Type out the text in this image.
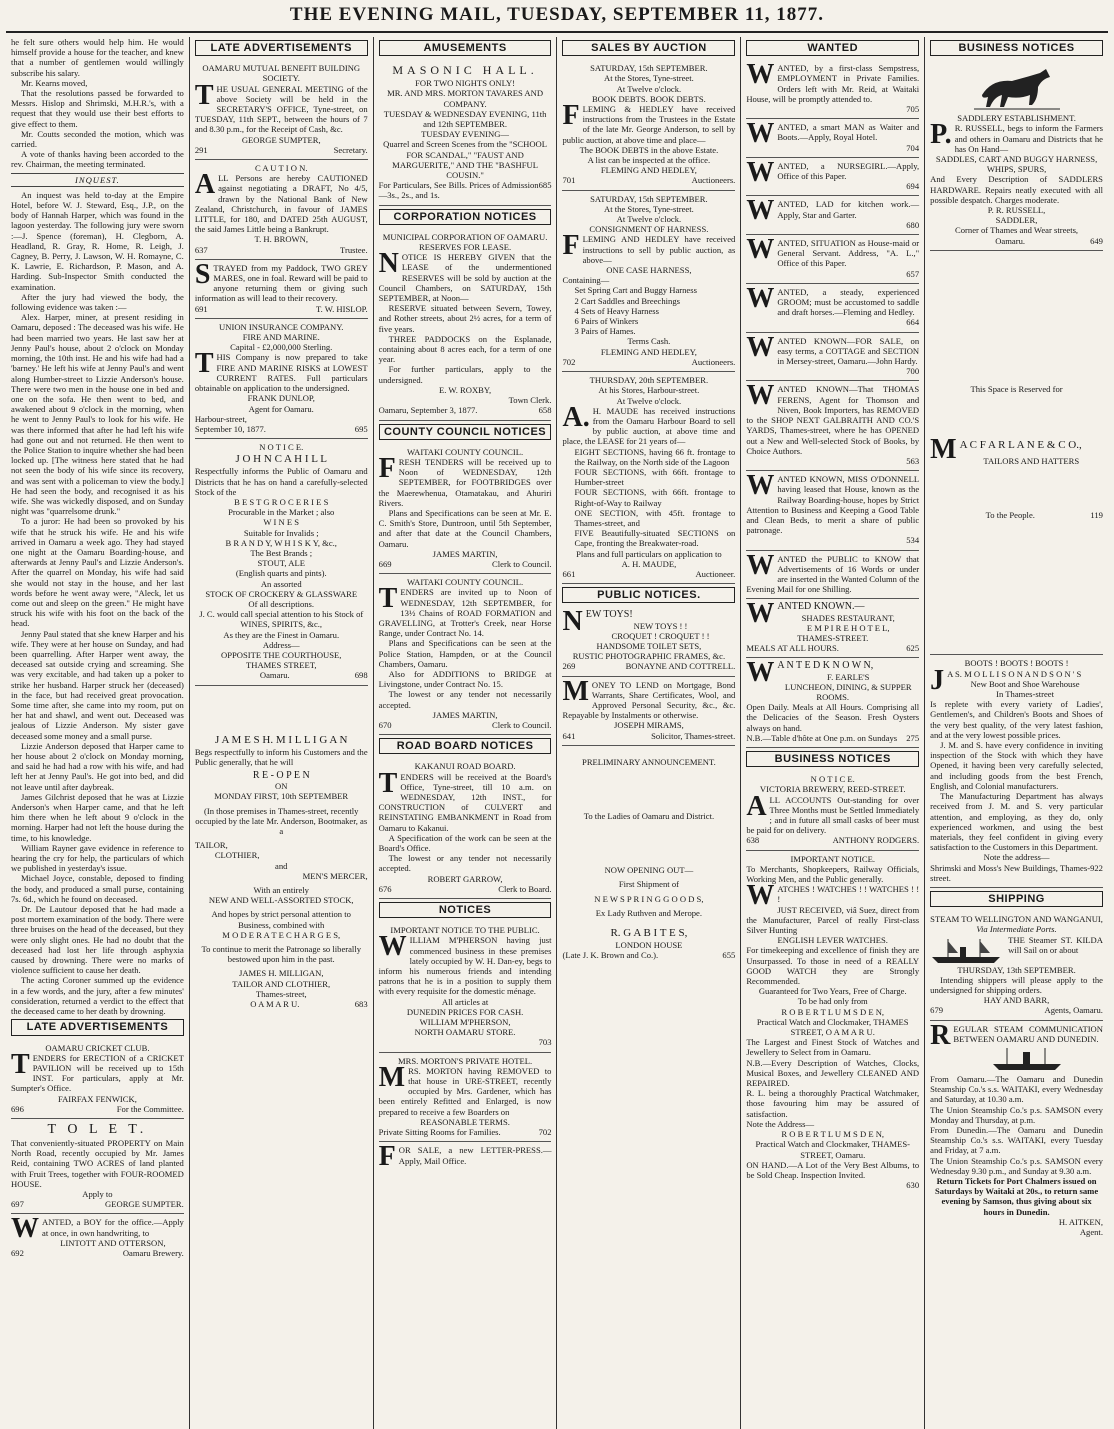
THE EVENING MAIL, TUESDAY, SEPTEMBER 11, 1877.

he felt sure others would help him. He would himself provide a house for the teacher, and knew that a number of gentlemen would willingly subscribe his salary.

Mr. Kearns moved,

That the resolutions passed be forwarded to Messrs. Hislop and Shrimski, M.H.R.'s, with a request that they would use their best efforts to give effect to them.

Mr. Coutts seconded the motion, which was carried.

A vote of thanks having been accorded to the rev. Chairman, the meeting terminated.

INQUEST.

An inquest was held to-day at the Empire Hotel, before W. J. Steward, Esq., J.P., on the body of Hannah Harper, which was found in the lagoon yesterday. The following jury were sworn :—J. Spence (foreman), H. Clegborn, A. Headland, R. Gray, R. Home, R. Leigh, J. Cagney, B. Perry, J. Lawson, W. H. Romayne, C. K. Lawrie, E. Richardson, P. Mason, and A. Harding. Sub-Inspector Smith conducted the examination.

After the jury had viewed the body, the following evidence was taken :—

Alex. Harper, miner, at present residing in Oamaru, deposed : The deceased was his wife. He had been married two years. He last saw her at Jenny Paul's house, about 2 o'clock on Monday morning, the 10th inst. He and his wife had had a 'barney.' He left his wife at Jenny Paul's and went along Humber-street to Lizzie Anderson's house. There were two men in the house one in bed and one on the sofa. He then went to bed, and awakened about 9 o'clock in the morning, when he went to Jenny Paul's to look for his wife. He was there informed that after he had left his wife had gone out and not returned. He then went to the Police Station to inquire whether she had been locked up. [The witness here stated that he had not seen the body of his wife since its recovery, and was sent with a policeman to view the body.] He had seen the body, and recognised it as his wife. She was wickedly disposed, and on Sunday night was "quarrelsome drunk."

To a juror: He had been so provoked by his wife that he struck his wife. He and his wife arrived in Oamaru a week ago. They had stayed one night at the Oamaru Boarding-house, and afterwards at Jenny Paul's and Lizzie Anderson's. After the quarrel on Monday, his wife had said she would not stay in the house, and her last words before he went away were, "Aleck, let us come out and sleep on the green." He might have struck his wife with his foot on the back of the head.

Jenny Paul stated that she knew Harper and his wife. They were at her house on Sunday, and had been quarrelling. After Harper went away, the deceased sat outside crying and screaming. She was very excitable, and had taken up a poker to strike her husband. Harper struck her (deceased) in the face, but had received great provocation. Some time after, she came into my room, put on her hat and shawl, and went out. Deceased was jealous of Lizzie Anderson. My sister gave deceased some money and a small purse.

Lizzie Anderson deposed that Harper came to her house about 2 o'clock on Monday morning, and said he had had a row with his wife, and had left her at Jenny Paul's. He got into bed, and did not leave until after daybreak.

James Gilchrist deposed that he was at Lizzie Anderson's when Harper came, and that he left him there when he left about 9 o'clock in the morning. Harper had not left the house during the time, to his knowledge.

William Rayner gave evidence in reference to hearing the cry for help, the particulars of which we published in yesterday's issue.

Michael Joyce, constable, deposed to finding the body, and produced a small purse, containing 7s. 6d., which he found on deceased.

Dr. De Lautour deposed that he had made a post mortem examination of the body. There were three bruises on the head of the deceased, but they were only slight ones. He had no doubt that the deceased had lost her life through asphyxia caused by drowning. There were no marks of violence sufficient to cause her death.

The acting Coroner summed up the evidence in a few words, and the jury, after a few minutes' consideration, returned a verdict to the effect that the deceased came to her death by drowning.

LATE ADVERTISEMENTS

OAMARU CRICKET CLUB.

TENDERS for ERECTION of a CRICKET PAVILION will be received up to 15th INST. For particulars, apply at Mr. Sumpter's Office.

FAIRFAX FENWICK,

696	For the Committee.

T O L E T.

That conveniently-situated PROPERTY on Main North Road, recently occupied by Mr. James Reid, containing TWO ACRES of land planted with Fruit Trees, together with FOUR-ROOMED HOUSE.

Apply to

697	GEORGE SUMPTER.

WANTED, a BOY for the office.—Apply at once, in own handwriting, to

LINTOTT AND OTTERSON,

692	Oamaru Brewery.
LATE ADVERTISEMENTS

OAMARU MUTUAL BENEFIT BUILDING SOCIETY.

THE USUAL GENERAL MEETING of the above Society will be held in the SECRETARY'S OFFICE, Tyne-street, on TUESDAY, 11th SEPT., between the hours of 7 and 8.30 p.m., for the Receipt of Cash, &c.

GEORGE SUMPTER,

291	Secretary.

C A U T I O N.

ALL Persons are hereby CAUTIONED against negotiating a DRAFT, No 4/5, drawn by the National Bank of New Zealand, Christchurch, in favour of JAMES LITTLE, for 180, and DATED 25th AUGUST, the said James Little being a Bankrupt.

T. H. BROWN,

637	Trustee.

STRAYED from my Paddock, TWO GREY MARES, one in foal. Reward will be paid to anyone returning them or giving such information as will lead to their recovery.

691	T. W. HISLOP.

UNION INSURANCE COMPANY.

FIRE AND MARINE.

Capital - £2,000,000 Sterling.

THIS Company is now prepared to take FIRE AND MARINE RISKS at LOWEST CURRENT RATES. Full particulars obtainable on application to the undersigned.

FRANK DUNLOP,

Agent for Oamaru.

Harbour-street,

September 10, 1877.	695

N O T I C E.

J O H N C A H I L L

Respectfully informs the Public of Oamaru and Districts that he has on hand a carefully-selected Stock of the

B E S T G R O C E R I E S

Procurable in the Market ; also

W I N E S

Suitable for Invalids ;

B R A N D Y, W H I S K Y, &c.,

The Best Brands ;

STOUT, ALE

(English quarts and pints).

An assorted

STOCK OF CROCKERY & GLASSWARE

Of all descriptions.

J. C. would call special attention to his Stock of

WINES, SPIRITS, &c.,

As they are the Finest in Oamaru.

Address—

OPPOSITE THE COURTHOUSE,

THAMES STREET,

Oamaru.	698

J A M E S H. M I L L I G A N

Begs respectfully to inform his Customers and the Public generally, that he will

R E - O P E N

ON

MONDAY FIRST, 10th SEPTEMBER

(In those premises in Thames-street, recently occupied by the late Mr. Anderson, Bootmaker, as a

TAILOR,

CLOTHIER,

and

MEN'S MERCER,

With an entirely

NEW AND WELL-ASSORTED STOCK,

And hopes by strict personal attention to Business, combined with

M O D E R A T E C H A R G E S,

To continue to merit the Patronage so liberally bestowed upon him in the past.

JAMES H. MILLIGAN,

TAILOR AND CLOTHIER,

Thames-street,

O A M A R U.	683
AMUSEMENTS

MASONIC HALL.

FOR TWO NIGHTS ONLY!

MR. AND MRS. MORTON TAVARES AND COMPANY.

TUESDAY & WEDNESDAY EVENING, 11th and 12th SEPTEMBER.

TUESDAY EVENING—

Quarrel and Screen Scenes from the "SCHOOL FOR SCANDAL," "FAUST AND MARGUERITE," AND THE "BASHFUL COUSIN."

For Particulars, See Bills. Prices of Admission—3s., 2s., and 1s.
685
CORPORATION NOTICES

MUNICIPAL CORPORATION OF OAMARU.

RESERVES FOR LEASE.

NOTICE IS HEREBY GIVEN that the LEASE of the undermentioned RESERVES will be sold by auction at the Council Chambers, on SATURDAY, 15th SEPTEMBER, at Noon—

RESERVE situated between Severn, Towey, and Rother streets, about 2½ acres, for a term of five years.

THREE PADDOCKS on the Esplanade, containing about 8 acres each, for a term of one year.

For further particulars, apply to the undersigned.

E. W. ROXBY,

Town Clerk.

Oamaru, September 3, 1877.	658
COUNTY COUNCIL NOTICES

WAITAKI COUNTY COUNCIL.

FRESH TENDERS will be received up to Noon of WEDNESDAY, 12th SEPTEMBER, for FOOTBRIDGES over the Maerewhenua, Otamatakau, and Ahuriri Rivers.

Plans and Specifications can be seen at Mr. E. C. Smith's Store, Duntroon, until 5th September, and after that date at the Council Chambers, Oamaru.

JAMES MARTIN,

669	Clerk to Council.

WAITAKI COUNTY COUNCIL.

TENDERS are invited up to Noon of WEDNESDAY, 12th SEPTEMBER, for 13½ Chains of ROAD FORMATION and GRAVELLING, at Trotter's Creek, near Horse Range, under Contract No. 14.

Plans and Specifications can be seen at the Police Station, Hampden, or at the Council Chambers, Oamaru.

Also for ADDITIONS to BRIDGE at Livingstone, under Contract No. 15.

The lowest or any tender not necessarily accepted.

JAMES MARTIN,

670	Clerk to Council.
ROAD BOARD NOTICES

KAKANUI ROAD BOARD.

TENDERS will be received at the Board's Office, Tyne-street, till 10 a.m. on WEDNESDAY, 12th INST., for CONSTRUCTION of CULVERT and REINSTATING EMBANKMENT in Road from Oamaru to Kakanui.

A Specification of the work can be seen at the Board's Office.

The lowest or any tender not necessarily accepted.

ROBERT GARROW,

676	Clerk to Board.
NOTICES

IMPORTANT NOTICE TO THE PUBLIC.

WILLIAM M'PHERSON having just commenced business in these premises lately occupied by W. H. Dan-ey, begs to inform his numerous friends and intending patrons that he is in a position to supply them with every requisite for the domestic ménage.

All articles at

DUNEDIN PRICES FOR CASH.

WILLIAM M'PHERSON,

NORTH OAMARU STORE.

703

MRS. MORTON'S PRIVATE HOTEL.

MRS. MORTON having REMOVED to that house in URE-STREET, recently occupied by Mrs. Gardener, which has been entirely Refitted and Enlarged, is now prepared to receive a few Boarders on

REASONABLE TERMS.

Private Sitting Rooms for Families.	702

FOR SALE, a new LETTER-PRESS.—Apply, Mail Office.

SALES BY AUCTION

SATURDAY, 15th SEPTEMBER.

At the Stores, Tyne-street.

At Twelve o'clock.

BOOK DEBTS. BOOK DEBTS.

FLEMING & HEDLEY have received instructions from the Trustees in the Estate of the late Mr. George Anderson, to sell by public auction, at above time and place—

The BOOK DEBTS in the above Estate.

A list can be inspected at the office.

FLEMING AND HEDLEY,

701	Auctioneers.

SATURDAY, 15th SEPTEMBER.

At the Stores, Tyne-street.

At Twelve o'clock.

CONSIGNMENT OF HARNESS.

FLEMING AND HEDLEY have received instructions to sell by public auction, as above—

ONE CASE HARNESS,

Containing—

Set Spring Cart and Buggy Harness

2 Cart Saddles and Breechings

4 Sets of Heavy Harness

6 Pairs of Winkers

3 Pairs of Hames.

Terms Cash.

FLEMING AND HEDLEY,

702	Auctioneers.

THURSDAY, 20th SEPTEMBER.

At his Stores, Harbour-street.

At Twelve o'clock.

A.H. MAUDE has received instructions from the Oamaru Harbour Board to sell by public auction, at above time and place, the LEASE for 21 years of—

EIGHT SECTIONS, having 66 ft. frontage to the Railway, on the North side of the Lagoon

FOUR SECTIONS, with 66ft. frontage to Humber-street

FOUR SECTIONS, with 66ft. frontage to Right-of-Way to Railway

ONE SECTION, with 45ft. frontage to Thames-street, and

FIVE Beautifully-situated SECTIONS on Cape, fronting the Breakwater-road.

Plans and full particulars on application to

A. H. MAUDE,

661	Auctioneer.
PUBLIC NOTICES.

NEW TOYS!

NEW TOYS ! !

CROQUET ! CROQUET ! !

HANDSOME TOILET SETS,

RUSTIC PHOTOGRAPHIC FRAMES, &c.

269	BONAYNE AND COTTRELL.

MONEY TO LEND on Mortgage, Bond Warrants, Share Certificates, Wool, and Approved Personal Security, &c., &c. Repayable by Instalments or otherwise.

JOSEPH MIRAMS,

641	Solicitor, Thames-street.

PRELIMINARY ANNOUNCEMENT.

To the Ladies of Oamaru and District.

NOW OPENING OUT—

First Shipment of

N E W S P R I N G G O O D S,

Ex Lady Ruthven and Merope.

R. G A B I T E S,

LONDON HOUSE

(Late J. K. Brown and Co.).	655
WANTED

WANTED, by a first-class Sempstress, EMPLOYMENT in Private Families. Orders left with Mr. Reid, at Waitaki House, will be promptly attended to.

705

WANTED, a smart MAN as Waiter and Boots.—Apply, Royal Hotel.

704

WANTED, a NURSEGIRL.—Apply, Office of this Paper.

694

WANTED, LAD for kitchen work.—Apply, Star and Garter.

680

WANTED, SITUATION as House-maid or General Servant. Address, "A. L.," Office of this Paper.

657

WANTED, a steady, experienced GROOM; must be accustomed to saddle and draft horses.—Fleming and Hedley.

664

WANTED KNOWN—FOR SALE, on easy terms, a COTTAGE and SECTION in Mersey-street, Oamaru.—John Hardy.

700

WANTED KNOWN—That THOMAS FERENS, Agent for Thomson and Niven, Book Importers, has REMOVED to the SHOP NEXT GALBRAITH AND CO.'S YARDS, Thames-street, where he has OPENED out a New and Well-selected Stock of Books, by Choice Authors.

563

WANTED KNOWN, MISS O'DONNELL having leased that House, known as the Railway Boarding-house, hopes by Strict Attention to Business and Keeping a Good Table and Clean Beds, to merit a share of public patronage.

534

WANTED the PUBLIC to KNOW that Advertisements of 16 Words or under are inserted in the Wanted Column of the Evening Mail for one Shilling.

WANTED KNOWN.—

SHADES RESTAURANT,

E M P I R E H O T E L,

THAMES-STREET.

MEALS AT ALL HOURS.	625

WA N T E D K N O W N,

F. EARLE'S

LUNCHEON, DINING, & SUPPER ROOMS.

Open Daily. Meals at All Hours. Comprising all the Delicacies of the Season. Fresh Oysters always on hand.

N.B.—Table d'hôte at One p.m. on Sundays 275
BUSINESS NOTICES

N O T I C E.

VICTORIA BREWERY, REED-STREET.

ALL ACCOUNTS Out-standing for over Three Months must be Settled Immediately ; and in future all small casks of beer must be paid for on delivery.

638	ANTHONY RODGERS.

IMPORTANT NOTICE.

To Merchants, Shopkeepers, Railway Officials, Working Men, and the Public generally.

WATCHES ! WATCHES ! ! WATCHES ! ! !

JUST RECEIVED, viâ Suez, direct from the Manufacturer, Parcel of really First-class Silver Hunting

ENGLISH LEVER WATCHES.

For timekeeping and excellence of finish they are Unsurpassed. To those in need of a REALLY GOOD WATCH they are Strongly Recommended.

Guaranteed for Two Years, Free of Charge.

To be had only from

R O B E R T L U M S D E N,

Practical Watch and Clockmaker, THAMES STREET, O A M A R U.

The Largest and Finest Stock of Watches and Jewellery to Select from in Oamaru.

N.B.—Every Description of Watches, Clocks, Musical Boxes, and Jewellery CLEANED AND REPAIRED.

R. L. being a thoroughly Practical Watchmaker, those favouring him may be assured of satisfaction.

Note the Address—

R O B E R T L U M S D E N,

Practical Watch and Clockmaker, THAMES-STREET, Oamaru.

ON HAND.—A Lot of the Very Best Albums, to be Sold Cheap. Inspection Invited.

630

BUSINESS NOTICES

SADDLERY ESTABLISHMENT.

P.R. RUSSELL, begs to inform the Farmers and others in Oamaru and Districts that he has On Hand—

SADDLES, CART AND BUGGY HARNESS, WHIPS, SPURS,

And Every Description of SADDLERS HARDWARE. Repairs neatly executed with all possible despatch. Charges moderate.

P. R. RUSSELL,

SADDLER,

Corner of Thames and Wear streets,

Oamaru.	649

This Space is Reserved for

MA C F A R L A N E & C O.,

TAILORS AND HATTERS

To the People.	119

BOOTS ! BOOTS ! BOOTS !

JA S. M O L L I S O N A N D S O N ' S

New Boot and Shoe Warehouse

In Thames-street

Is replete with every variety of Ladies', Gentlemen's, and Children's Boots and Shoes of the very best quality, of the very latest fashion, and at the very lowest possible prices.

J. M. and S. have every confidence in inviting inspection of the Stock with which they have Opened, it having been very carefully selected, and including goods from the best French, English, and Colonial manufacturers.

The Manufacturing Department has always received from J. M. and S. very particular attention, and employing, as they do, only experienced workmen, and using the best materials, they feel confident in giving every satisfaction to the Customers in this Department.

Note the address—

Shrimski and Moss's New Buildings, Thames-street.
922
SHIPPING

STEAM TO WELLINGTON AND WANGANUI,

Via Intermediate Ports.

THE Steamer ST. KILDA will Sail on or about

THURSDAY, 13th SEPTEMBER.

Intending shippers will please apply to the undersigned for shipping orders.

HAY AND BARR,

679	Agents, Oamaru.

REGULAR STEAM COMMUNICATION BETWEEN OAMARU AND DUNEDIN.

From Oamaru.—The Oamaru and Dunedin Steamship Co.'s s.s. WAITAKI, every Wednesday and Saturday, at 10.30 a.m.

The Union Steamship Co.'s p.s. SAMSON every Monday and Thursday, at p.m.

From Dunedin.—The Oamaru and Dunedin Steamship Co.'s s.s. WAITAKI, every Tuesday and Friday, at 7 a.m.

The Union Steamship Co.'s p.s. SAMSON every Wednesday 9.30 p.m., and Sunday at 9.30 a.m.

Return Tickets for Port Chalmers issued on Saturdays by Waitaki at 20s., to return same evening by Samson, thus giving about six hours in Dunedin.

H. AITKEN,

Agent.
